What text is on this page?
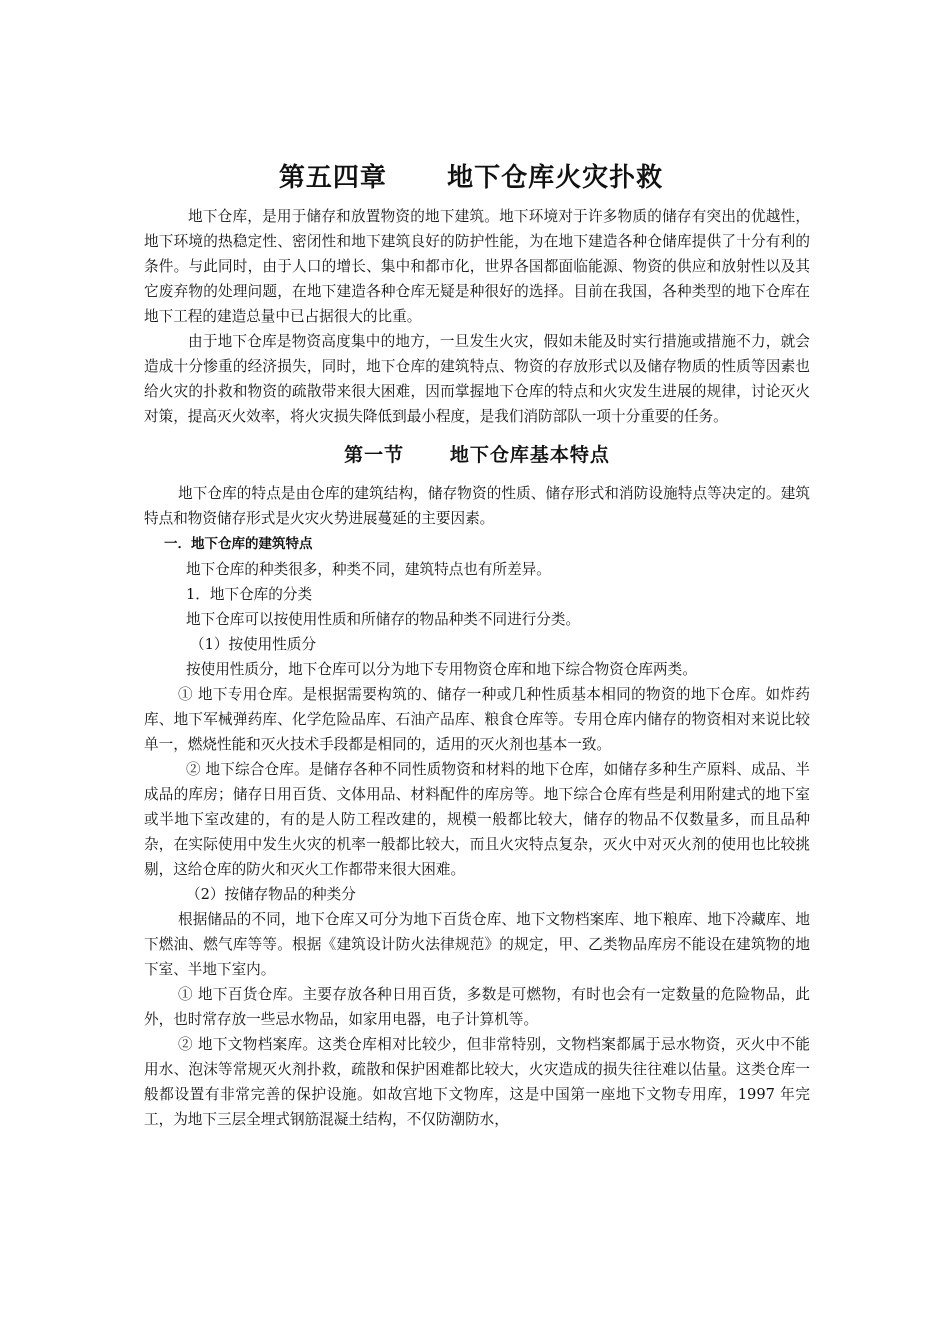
第五四章      地下仓库火灾扑救

地下仓库，是用于储存和放置物资的地下建筑。地下环境对于许多物质的储存有突出的优越性，地下环境的热稳定性、密闭性和地下建筑良好的防护性能，为在地下建造各种仓储库提供了十分有利的条件。与此同时，由于人口的增长、集中和都市化，世界各国都面临能源、物资的供应和放射性以及其它废弃物的处理问题，在地下建造各种仓库无疑是种很好的选择。目前在我国，各种类型的地下仓库在地下工程的建造总量中已占据很大的比重。

由于地下仓库是物资高度集中的地方，一旦发生火灾，假如未能及时实行措施或措施不力，就会造成十分惨重的经济损失，同时，地下仓库的建筑特点、物资的存放形式以及储存物质的性质等因素也给火灾的扑救和物资的疏散带来很大困难，因而掌握地下仓库的特点和火灾发生进展的规律，讨论灭火对策，提高灭火效率，将火灾损失降低到最小程度，是我们消防部队一项十分重要的任务。

第一节      地下仓库基本特点

地下仓库的特点是由仓库的建筑结构，储存物资的性质、储存形式和消防设施特点等决定的。建筑特点和物资储存形式是火灾火势进展蔓延的主要因素。

一．地下仓库的建筑特点

地下仓库的种类很多，种类不同，建筑特点也有所差异。

1．地下仓库的分类

地下仓库可以按使用性质和所储存的物品种类不同进行分类。

（1）按使用性质分

按使用性质分，地下仓库可以分为地下专用物资仓库和地下综合物资仓库两类。

① 地下专用仓库。是根据需要构筑的、储存一种或几种性质基本相同的物资的地下仓库。如炸药库、地下军械弹药库、化学危险品库、石油产品库、粮食仓库等。专用仓库内储存的物资相对来说比较单一，燃烧性能和灭火技术手段都是相同的，适用的灭火剂也基本一致。

② 地下综合仓库。是储存各种不同性质物资和材料的地下仓库，如储存多种生产原料、成品、半成品的库房；储存日用百货、文体用品、材料配件的库房等。地下综合仓库有些是利用附建式的地下室或半地下室改建的，有的是人防工程改建的，规模一般都比较大，储存的物品不仅数量多，而且品种杂，在实际使用中发生火灾的机率一般都比较大，而且火灾特点复杂，灭火中对灭火剂的使用也比较挑剔，这给仓库的防火和灭火工作都带来很大困难。

（2）按储存物品的种类分

根据储品的不同，地下仓库又可分为地下百货仓库、地下文物档案库、地下粮库、地下冷藏库、地下燃油、燃气库等等。根据《建筑设计防火法律规范》的规定，甲、乙类物品库房不能设在建筑物的地下室、半地下室内。

① 地下百货仓库。主要存放各种日用百货，多数是可燃物，有时也会有一定数量的危险物品，此外，也时常存放一些忌水物品，如家用电器，电子计算机等。

② 地下文物档案库。这类仓库相对比较少，但非常特别，文物档案都属于忌水物资，灭火中不能用水、泡沫等常规灭火剂扑救，疏散和保护困难都比较大，火灾造成的损失往往难以估量。这类仓库一般都设置有非常完善的保护设施。如故宫地下文物库，这是中国第一座地下文物专用库，1997 年完工，为地下三层全埋式钢筋混凝土结构，不仅防潮防水，
